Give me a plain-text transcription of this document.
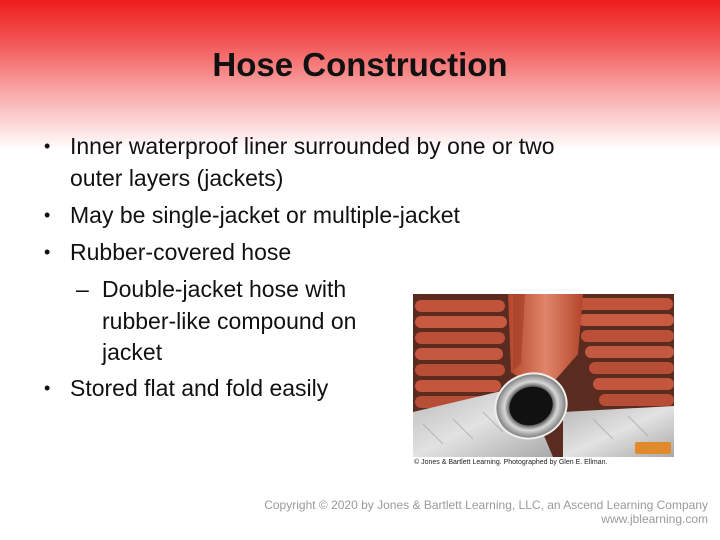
Hose Construction
• Inner waterproof liner surrounded by one or two
outer layers (jackets)
• May be single-jacket or multiple-jacket
• Rubber-covered hose
– Double-jacket hose with
rubber-like compound on
jacket
• Stored flat and fold easily
© Jones & Bartlett Learning. Photographed by Glen E. Ellman.
Copyright © 2020 by Jones & Bartlett Learning, LLC, an Ascend Learning Company
www.jblearning.com
